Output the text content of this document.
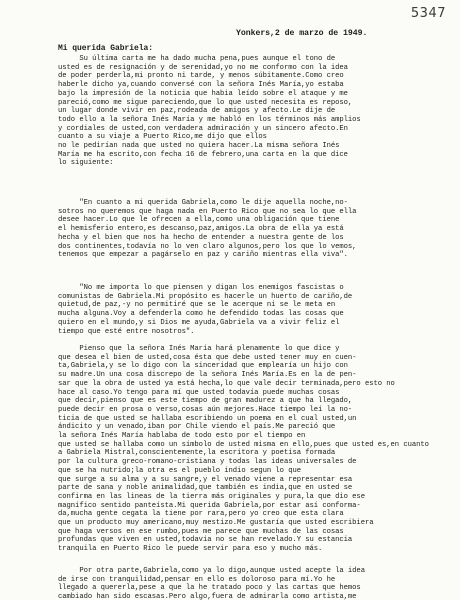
5347
Yonkers,2 de marzo de 1949.
Mi querida Gabriela:
Su última carta me ha dado mucha pena,pues aunque el tono de
usted es de resignación y de serenidad,yo no me conformo con la idea
de poder perderla,mi pronto ni tarde, y menos súbitamente.Como creo
haberle dicho ya,cuando conversé con la señora Inés María,yo estaba
bajo la impresión de la noticia que habia leído sobre el ataque y me
pareció,como me sigue pareciendo,que lo que usted necesita es reposo,
un lugar donde vivir en paz,rodeada de amigos y afecto.Le dije de
todo ello a la señora Inés María y me habló en los términos más amplios
y cordiales de usted,con verdadera admiración y un sincero afecto.En
cuanto a su viaje a Puerto Rico,me dijo que ellos
no le pedirían nada que usted no quiera hacer.La misma señora Inés
María me ha escrito,con fecha 16 de febrero,una carta en la que dice
lo siguiente:
"En cuanto a mi querida Gabriela,como le dije aquella noche,no-
sotros no queremos que haga nada en Puerto Rico que no sea lo que ella
desee hacer.Lo que le ofrecen a ella,como una obligación que tiene
el hemisferio entero,es descanso,paz,amigos.La obra de ella ya está
hecha y el bien que nos ha hecho de entender a nuestra gente de los
dos continentes,todavía no lo ven claro algunos,pero los que lo vemos,
tenemos que empezar a pagárselo en paz y cariño mientras ella viva".
"No me importa lo que piensen y digan los enemigos fascistas o
comunistas de Gabriela.Mi propósito es hacerle un huerto de cariño,de
quietud,de paz,-y no permitiré que se le acerque ni se le meta en
mucha alguna.Voy a defenderla como he defendido todas las cosas que
quiero en el mundo,y si Dios me ayuda,Gabriela va a vivir feliz el
tiempo que esté entre nosotros".
Pienso que la señora Inés María hará plenamente lo que dice y
que desea el bien de usted,cosa ésta que debe usted tener muy en cuen-
ta,Gabriela,y se lo digo con la sinceridad que emplearía un hijo con
su madre.Un una cosa discrepo de la señora Inés María.Es en la de pen-
sar que la obra de usted ya está hecha,lo que vale decir terminada,pero esto no
hace al caso.Yo tengo para mí que usted todavía puede muchas cosas
que decir,pienso que es este tiempo de gran madurez a que ha llegado,
puede decir en prosa o verso,cosas aún mejores.Hace tiempo leí la no-
ticia de que usted se hallaba escribiendo un poema en el cual usted,un
ándicito y un venado,iban por Chile viendo el país.Me pareció que
la señora Inés María hablaba de todo esto por el tiempo en
que usted se hallaba como un símbolo de usted misma en ello,pues que usted es,en cuanto
a Gabriela Mistral,conscientemente,la escritora y poetisa formada
por la cultura greco-romano-cristiana y todas las ideas universales de
que se ha nutrido;la otra es el pueblo indio segun lo que
que surge a su alma y a su sangre,y el venado viene a representar esa
parte de sana y noble animalidad,que también es india,que en usted se
confirma en las lineas de la tierra más originales y pura,la que dio ese
magnífico sentido panteísta.Mi querida Gabriela,por estar así conforma-
da,mucha gente cegata la tiene por rara,pero yo creo que esta clara
que un producto muy americano,muy mestizo.Me gustaría que usted escribiera
que haga versos en ese rumbo,pues me parece que muchas de las cosas
profundas que viven en usted,todavía no se han revelado.Y su estancia
tranquila en Puerto Rico le puede servir para eso y mucho más.
Por otra parte,Gabriela,como ya lo digo,aunque usted acepte la idea
de irse con tranquilidad,pensar en ello es doloroso para mí.Yo he
llegado a quererla,pese a que la he tratado poco y las cartas que hemos
cambiado han sido escasas.Pero algo,fuera de admirarla como artista,me
